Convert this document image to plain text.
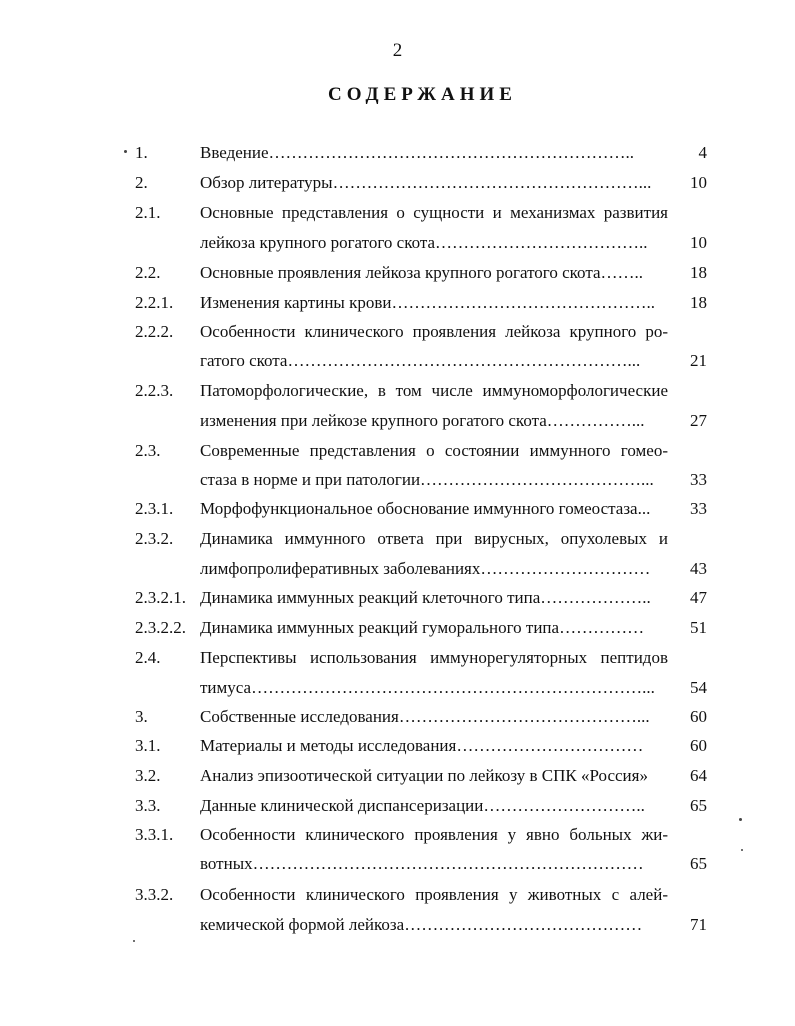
2
СОДЕРЖАНИЕ
1.	Введение………………………………………………………..	4
2.	Обзор литературы………………………………………………...	10
2.1. Основные представления о сущности и механизмах развития
лейкоза крупного рогатого скота………………………………..	10
2.2. Основные проявления лейкоза крупного рогатого скота……..	18
2.2.1. Изменения картины крови………………………………………..	18
2.2.2. Особенности клинического проявления лейкоза крупного ро-
гатого скота……………………………………………………...	21
2.2.3. Патоморфологические, в том числе иммуноморфологические
изменения при лейкозе крупного рогатого скота……………...	27
2.3. Современные представления о состоянии иммунного гомео-
стаза в норме и при патологии…………………………………...	33
2.3.1. Морфофункциональное обоснование иммунного гомеостаза...	33
2.3.2. Динамика иммунного ответа при вирусных, опухолевых и
лимфопролиферативных заболеваниях…………………………	43
2.3.2.1. Динамика иммунных реакций клеточного типа………………..	47
2.3.2.2. Динамика иммунных реакций гуморального типа……………	51
2.4. Перспективы использования иммунорегуляторных пептидов
тимуса……………………………………………………………...	54
3.	Собственные исследования……………………………………...	60
3.1. Материалы и методы исследования……………………………	60
3.2. Анализ эпизоотической ситуации по лейкозу в СПК «Россия»	64
3.3. Данные клинической диспансеризации………………………..	65
3.3.1. Особенности клинического проявления у явно больных жи-
вотных……………………………………………………………	65
3.3.2. Особенности клинического проявления у животных с алей-
кемической формой лейкоза……………………………………	71
